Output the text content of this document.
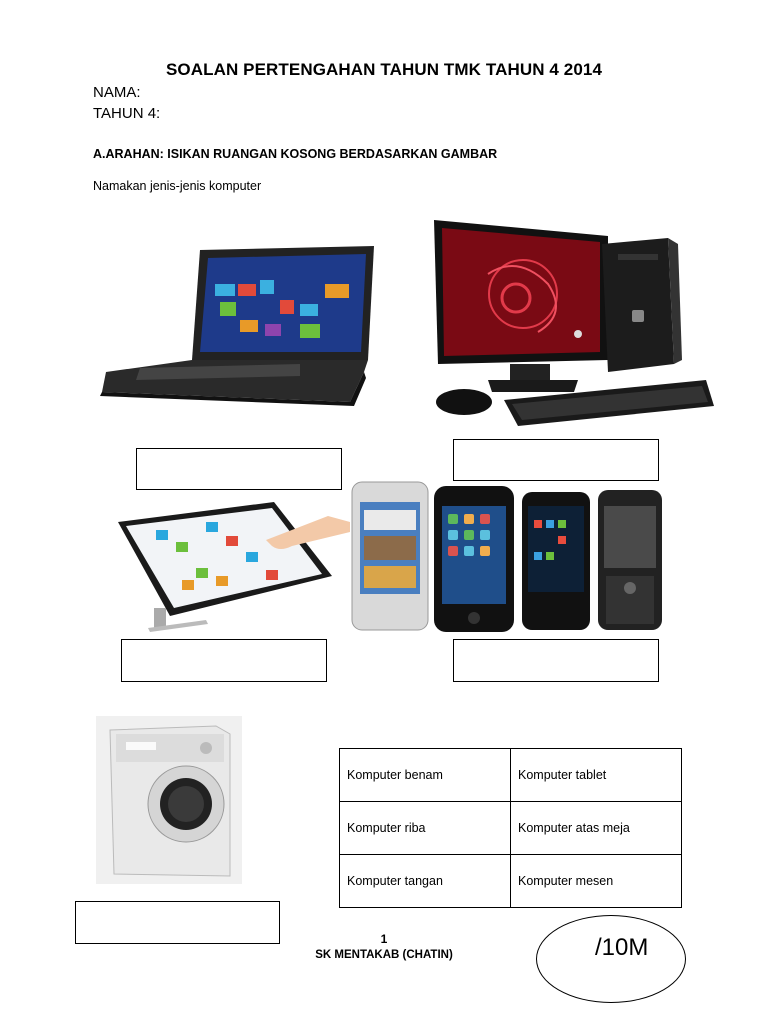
SOALAN PERTENGAHAN TAHUN TMK TAHUN 4 2014
NAMA:
TAHUN 4:
A.ARAHAN: ISIKAN RUANGAN KOSONG BERDASARKAN GAMBAR
Namakan jenis-jenis komputer
Komputer benam	Komputer tablet
Komputer riba	Komputer atas meja
Komputer tangan	Komputer mesen
1
SK MENTAKAB (CHATIN)	/10M
